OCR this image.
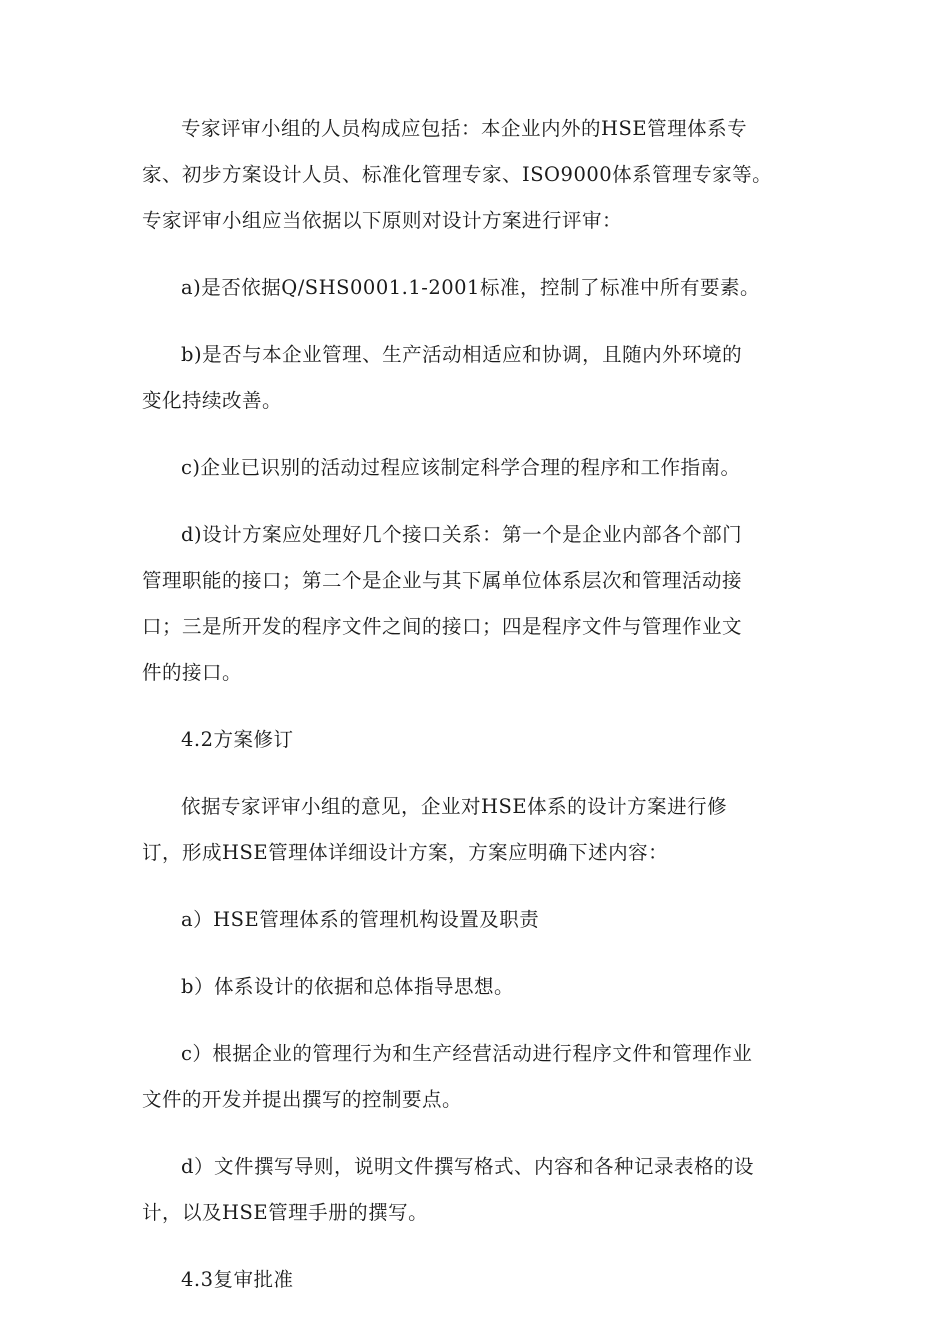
专家评审小组的人员构成应包括：本企业内外的HSE管理体系专
家、初步方案设计人员、标准化管理专家、ISO9000体系管理专家等。
专家评审小组应当依据以下原则对设计方案进行评审：

a)是否依据Q/SHS0001.1-2001标准，控制了标准中所有要素。

b)是否与本企业管理、生产活动相适应和协调，且随内外环境的
变化持续改善。

c)企业已识别的活动过程应该制定科学合理的程序和工作指南。

d)设计方案应处理好几个接口关系：第一个是企业内部各个部门
管理职能的接口；第二个是企业与其下属单位体系层次和管理活动接
口；三是所开发的程序文件之间的接口；四是程序文件与管理作业文
件的接口。

4.2方案修订

依据专家评审小组的意见，企业对HSE体系的设计方案进行修
订，形成HSE管理体详细设计方案，方案应明确下述内容：

a）HSE管理体系的管理机构设置及职责

b）体系设计的依据和总体指导思想。

c）根据企业的管理行为和生产经营活动进行程序文件和管理作业
文件的开发并提出撰写的控制要点。

d）文件撰写导则，说明文件撰写格式、内容和各种记录表格的设
计，以及HSE管理手册的撰写。

4.3复审批准
